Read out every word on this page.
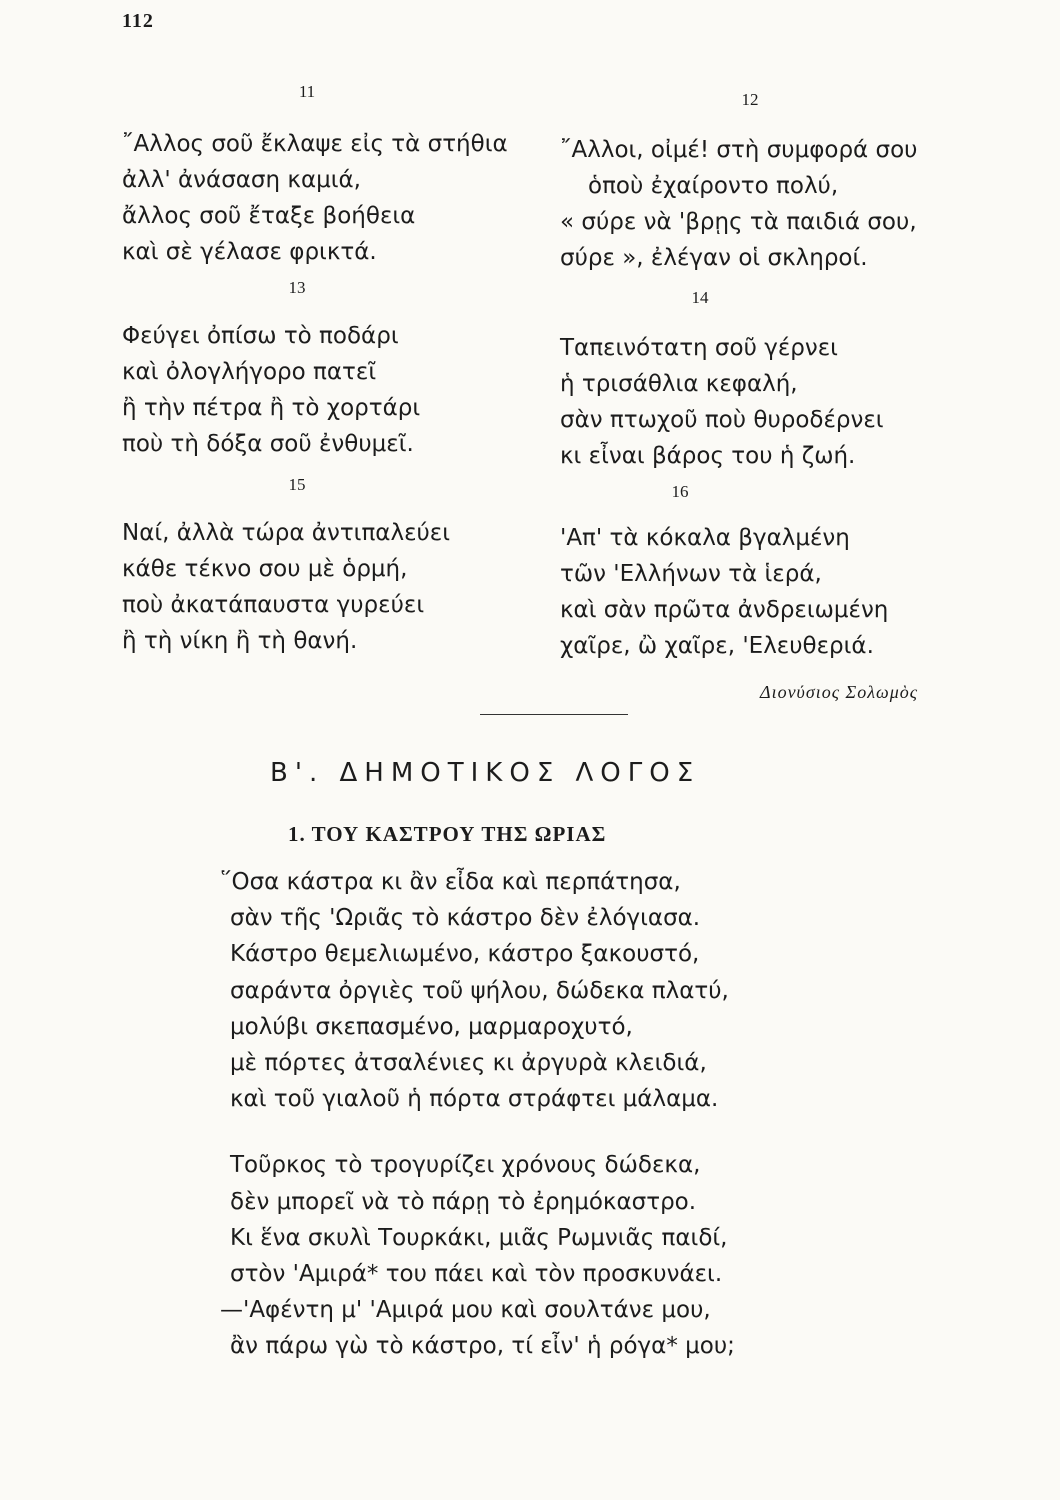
112
11
῎Αλλος σοῦ ἔκλαψε εἰς τὰ στήθια
ἀλλ' ἀνάσαση καμιά,
ἄλλος σοῦ ἔταξε βοήθεια
καὶ σὲ γέλασε φρικτά.
12
῎Αλλοι, οἰμέ! στὴ συμφορά σου
ὁποὺ ἐχαίροντο πολύ,
« σύρε νὰ 'βρῃς τὰ παιδιά σου,
σύρε », ἐλέγαν οἱ σκληροί.
13
Φεύγει ὀπίσω τὸ ποδάρι
καὶ ὀλογλήγορο πατεῖ
ἢ τὴν πέτρα ἢ τὸ χορτάρι
ποὺ τὴ δόξα σοῦ ἐνθυμεῖ.
14
Ταπεινότατη σοῦ γέρνει
ἡ τρισάθλια κεφαλή,
σὰν πτωχοῦ ποὺ θυροδέρνει
κι εἶναι βάρος του ἡ ζωή.
15
Ναί, ἀλλὰ τώρα ἀντιπαλεύει
κάθε τέκνο σου μὲ ὁρμή,
ποὺ ἀκατάπαυστα γυρεύει
ἢ τὴ νίκη ἢ τὴ θανή.
16
'Απ' τὰ κόκαλα βγαλμένη
τῶν 'Ελλήνων τὰ ἱερά,
καὶ σὰν πρῶτα ἀνδρειωμένη
χαῖρε, ὢ χαῖρε, 'Ελευθεριά.
Διονύσιος Σολωμὸς
Β'. ΔΗΜΟΤΙΚΟΣ ΛΟΓΟΣ
1. ΤΟΥ ΚΑΣΤΡΟΥ ΤΗΣ ΩΡΙΑΣ
῞Οσα κάστρα κι ἂν εἶδα καὶ περπάτησα,
σὰν τῆς 'Ωριᾶς τὸ κάστρο δὲν ἐλόγιασα.
Κάστρο θεμελιωμένο, κάστρο ξακουστό,
σαράντα ὀργιὲς τοῦ ψήλου, δώδεκα πλατύ,
μολύβι σκεπασμένο, μαρμαροχυτό,
μὲ πόρτες ἀτσαλένιες κι ἀργυρὰ κλειδιά,
καὶ τοῦ γιαλοῦ ἡ πόρτα στράφτει μάλαμα.
Τοῦρκος τὸ τρογυρίζει χρόνους δώδεκα,
δὲν μπορεῖ νὰ τὸ πάρῃ τὸ ἐρημόκαστρο.
Κι ἕνα σκυλὶ Τουρκάκι, μιᾶς Ρωμνιᾶς παιδί,
στὸν 'Αμιρά* του πάει καὶ τὸν προσκυνάει.
—'Αφέντη μ' 'Αμιρά μου καὶ σουλτάνε μου,
ἂν πάρω γὼ τὸ κάστρο, τί εἶν' ἡ ρόγα* μου;
